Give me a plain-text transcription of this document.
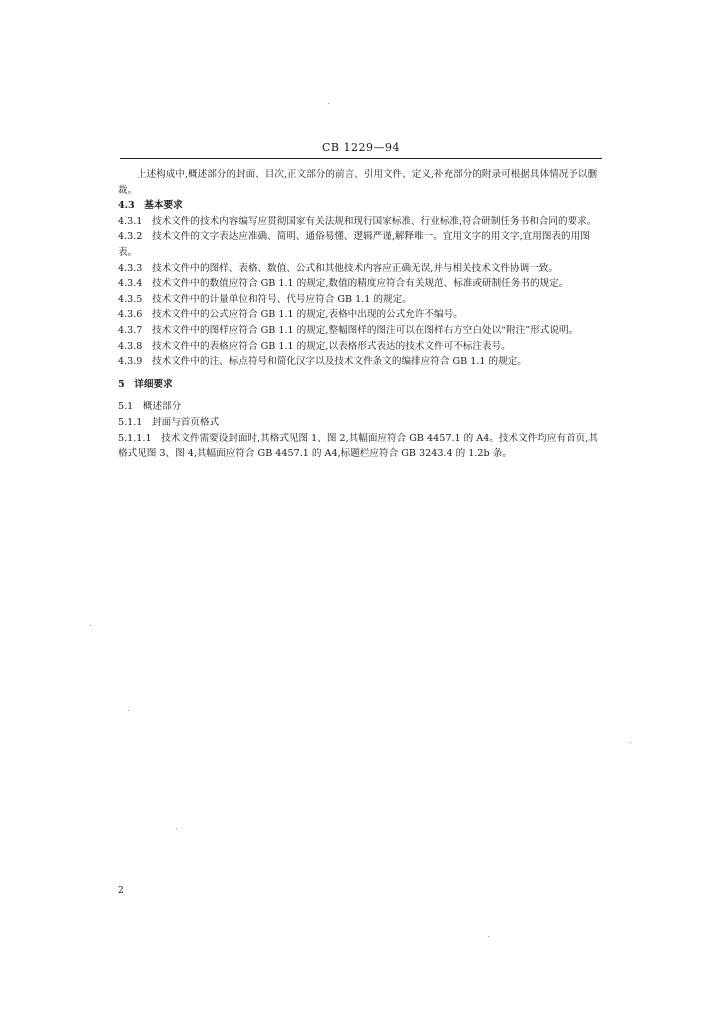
CB 1229—94

上述构成中,概述部分的封面、目次,正文部分的前言、引用文件、定义,补充部分的附录可根据具体情况予以删裁。

4.3　基本要求

4.3.1　技术文件的技术内容编写应贯彻国家有关法规和现行国家标准、行业标准,符合研制任务书和合同的要求。

4.3.2　技术文件的文字表达应准确、简明、通俗易懂、逻辑严谨,解释唯一。宜用文字的用文字,宜用图表的用图表。

4.3.3　技术文件中的图样、表格、数值、公式和其他技术内容应正确无误,并与相关技术文件协调一致。

4.3.4　技术文件中的数值应符合 GB 1.1 的规定,数值的精度应符合有关规范、标准或研制任务书的规定。

4.3.5　技术文件中的计量单位和符号、代号应符合 GB 1.1 的规定。

4.3.6　技术文件中的公式应符合 GB 1.1 的规定,表格中出现的公式允许不编号。

4.3.7　技术文件中的图样应符合 GB 1.1 的规定,整幅图样的图注可以在图样右方空白处以“附注”形式说明。

4.3.8　技术文件中的表格应符合 GB 1.1 的规定,以表格形式表达的技术文件可不标注表号。

4.3.9　技术文件中的注、标点符号和简化汉字以及技术文件条文的编排应符合 GB 1.1 的规定。

5　详细要求

5.1　概述部分

5.1.1　封面与首页格式

5.1.1.1　技术文件需要设封面时,其格式见图 1、图 2,其幅面应符合 GB 4457.1 的 A4。技术文件均应有首页,其格式见图 3、图 4,其幅面应符合 GB 4457.1 的 A4,标题栏应符合 GB 3243.4 的 1.2b 条。

2
